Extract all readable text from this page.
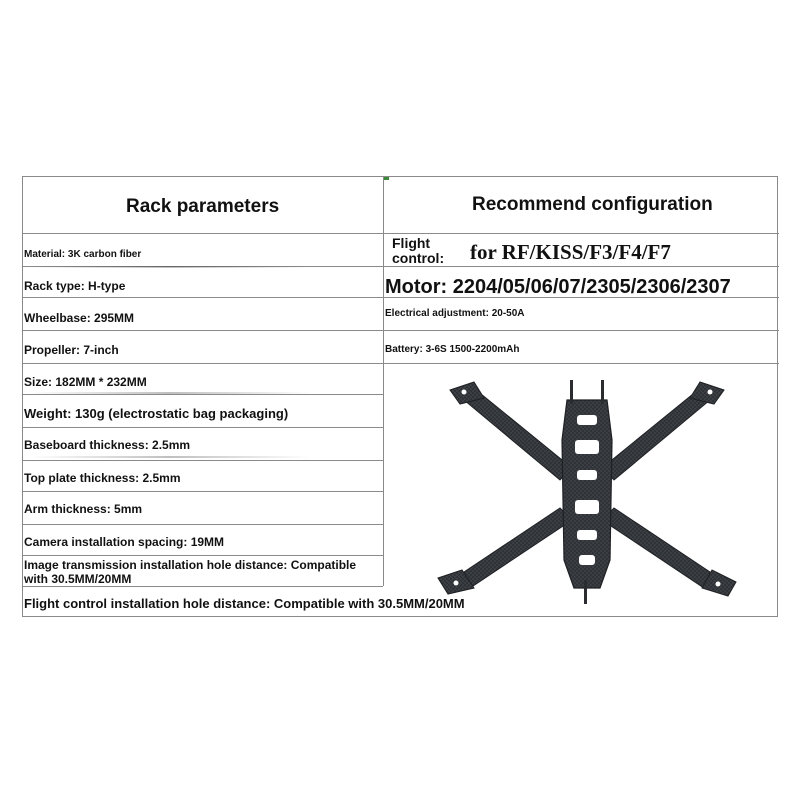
Rack parameters	Recommend configuration
Material: 3K carbon fiber
Rack type: H-type
Wheelbase: 295MM
Propeller: 7-inch
Size: 182MM * 232MM
Weight: 130g (electrostatic bag packaging)
Baseboard thickness: 2.5mm
Top plate thickness: 2.5mm
Arm thickness: 5mm
Camera installation spacing: 19MM
Image transmission installation hole distance: Compatible with 30.5MM/20MM
Flight control installation hole distance: Compatible with 30.5MM/20MM
Flight control:	for RF/KISS/F3/F4/F7
Motor: 2204/05/06/07/2305/2306/2307
Electrical adjustment: 20-50A
Battery: 3-6S 1500-2200mAh
